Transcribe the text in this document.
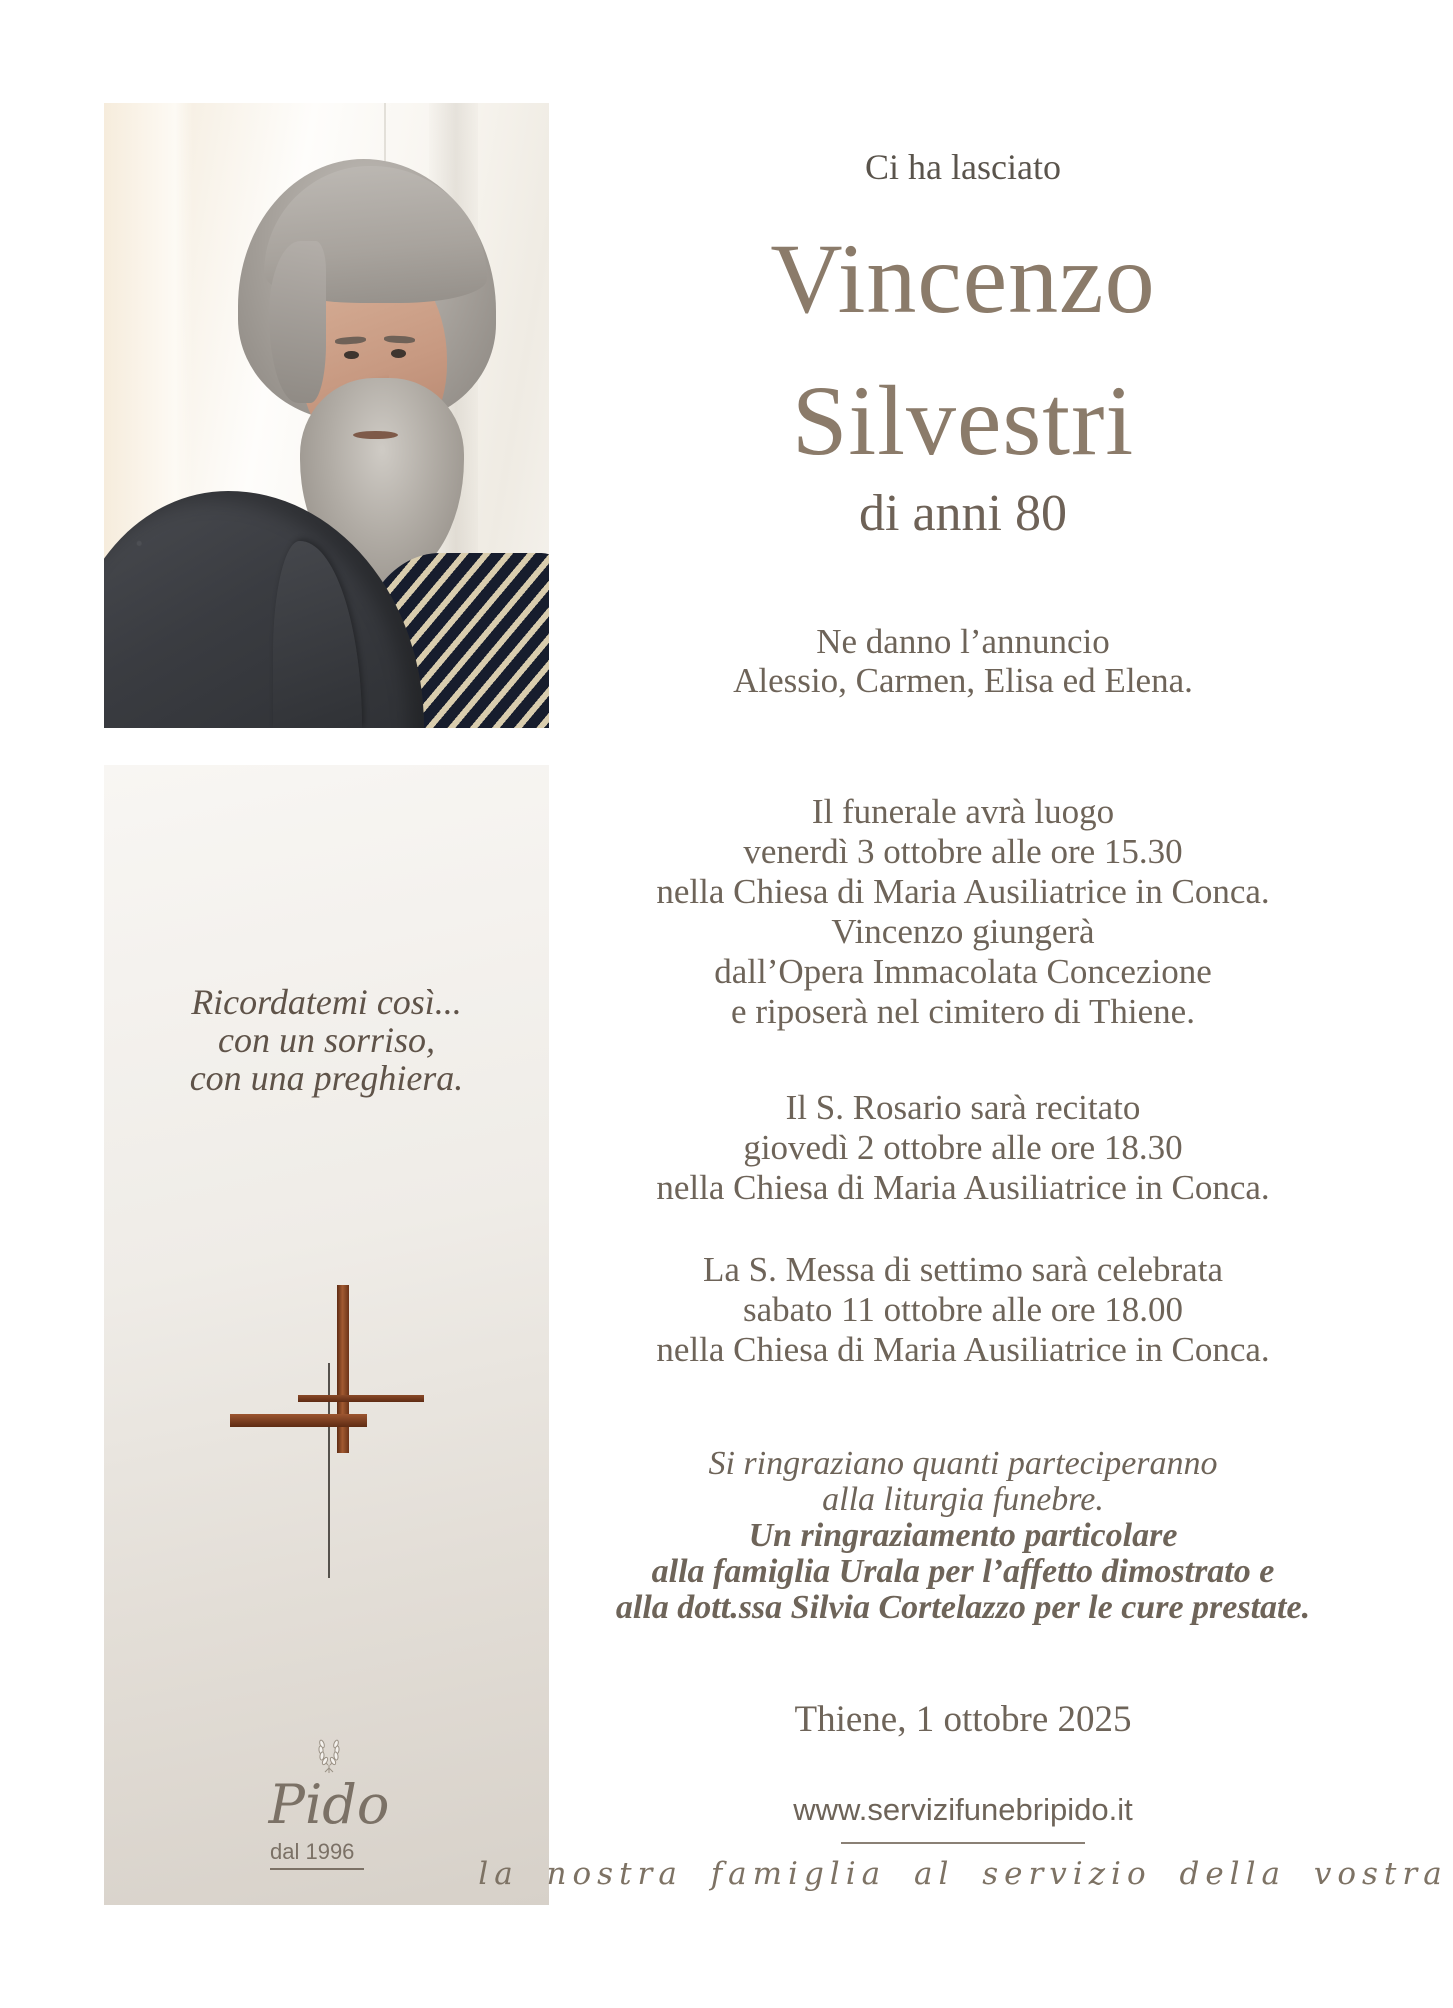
Ricordatemi così...
con un sorriso,
con una preghiera.
Pido
dal 1996
Ci ha lasciato
Vincenzo
Silvestri
di anni 80
Ne danno l’annuncio
Alessio, Carmen, Elisa ed Elena.
Il funerale avrà luogo
venerdì 3 ottobre alle ore 15.30
nella Chiesa di Maria Ausiliatrice in Conca.
Vincenzo giungerà
dall’Opera Immacolata Concezione
e riposerà nel cimitero di Thiene.
Il S. Rosario sarà recitato
giovedì 2 ottobre alle ore 18.30
nella Chiesa di Maria Ausiliatrice in Conca.
La S. Messa di settimo sarà celebrata
sabato 11 ottobre alle ore 18.00
nella Chiesa di Maria Ausiliatrice in Conca.
Si ringraziano quanti parteciperanno
alla liturgia funebre.
Un ringraziamento particolare
alla famiglia Urala per l’affetto dimostrato e
alla dott.ssa Silvia Cortelazzo per le cure prestate.
Thiene, 1 ottobre 2025
www.servizifunebripido.it
la nostra famiglia al servizio della vostra
